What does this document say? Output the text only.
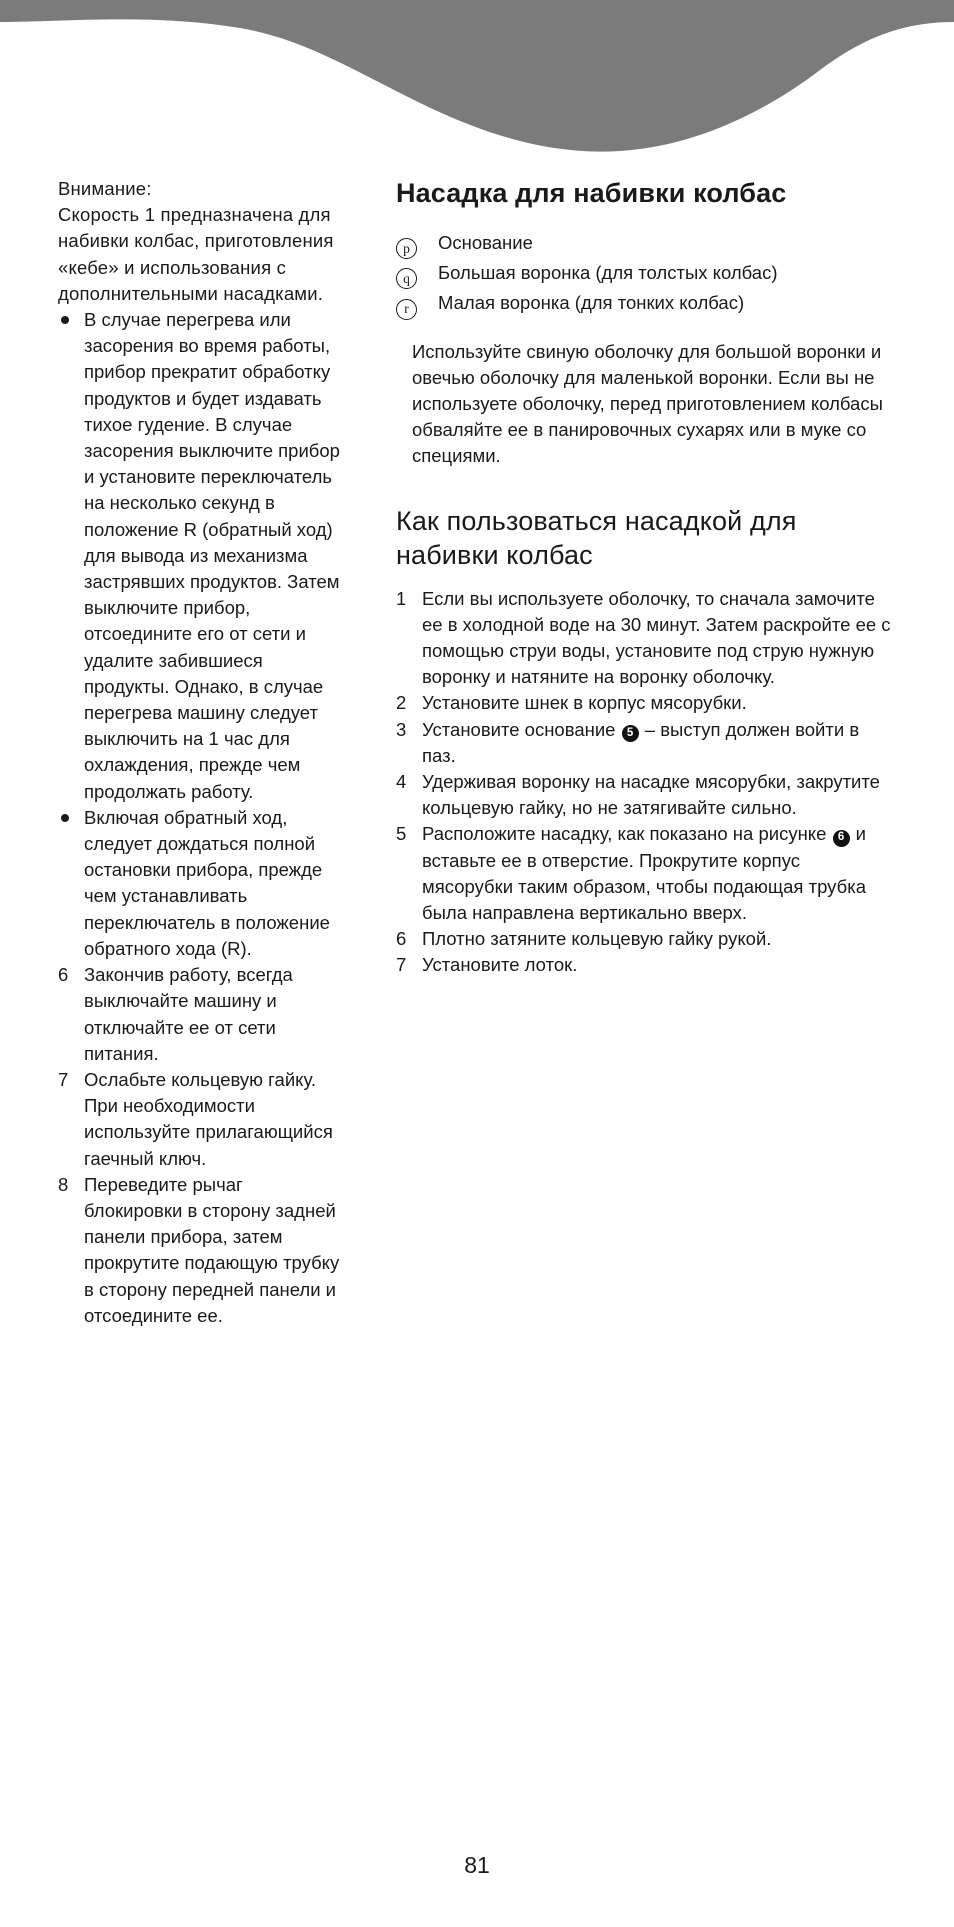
Внимание:

Скорость 1 предназначена для набивки колбас, приготовления «кебе» и использования с дополнительными насадками.

В случае перегрева или засорения во время работы, прибор прекратит обработку продуктов и будет издавать тихое гудение. В случае засорения выключите прибор и установите переключатель на несколько секунд в положение R (обратный ход) для вывода из механизма застрявших продуктов. Затем выключите прибор, отсоедините его от сети и удалите забившиеся продукты. Однако, в случае перегрева машину следует выключить на 1 час для охлаждения, прежде чем продолжать работу.
Включая обратный ход, следует дождаться полной остановки прибора, прежде чем устанавливать переключатель в положение обратного хода (R).
6 Закончив работу, всегда выключайте машину и отключайте ее от сети питания.
7 Ослабьте кольцевую гайку. При необходимости используйте прилагающийся гаечный ключ.
8 Переведите рычаг блокировки в сторону задней панели прибора, затем прокрутите подающую трубку в сторону передней панели и отсоедините ее.
Насадка для набивки колбас
p	Основание
q	Большая воронка (для толстых колбас)
r	Малая воронка (для тонких колбас)

Используйте свиную оболочку для большой воронки и овечью оболочку для маленькой воронки. Если вы не используете оболочку, перед приготовлением колбасы обваляйте ее в панировочных сухарях или в муке со специями.

Как пользоваться насадкой для набивки колбас
1 Если вы используете оболочку, то сначала замочите ее в холодной воде на 30 минут. Затем раскройте ее с помощью струи воды, установите под струю нужную воронку и натяните на воронку оболочку.
2 Установите шнек в корпус мясорубки.
3 Установите основание 5 – выступ должен войти в паз.
4 Удерживая воронку на насадке мясорубки, закрутите кольцевую гайку, но не затягивайте сильно.
5 Расположите насадку, как показано на рисунке 6 и вставьте ее в отверстие. Прокрутите корпус мясорубки таким образом, чтобы подающая трубка была направлена вертикально вверх.
6 Плотно затяните кольцевую гайку рукой.
7 Установите лоток.
81
